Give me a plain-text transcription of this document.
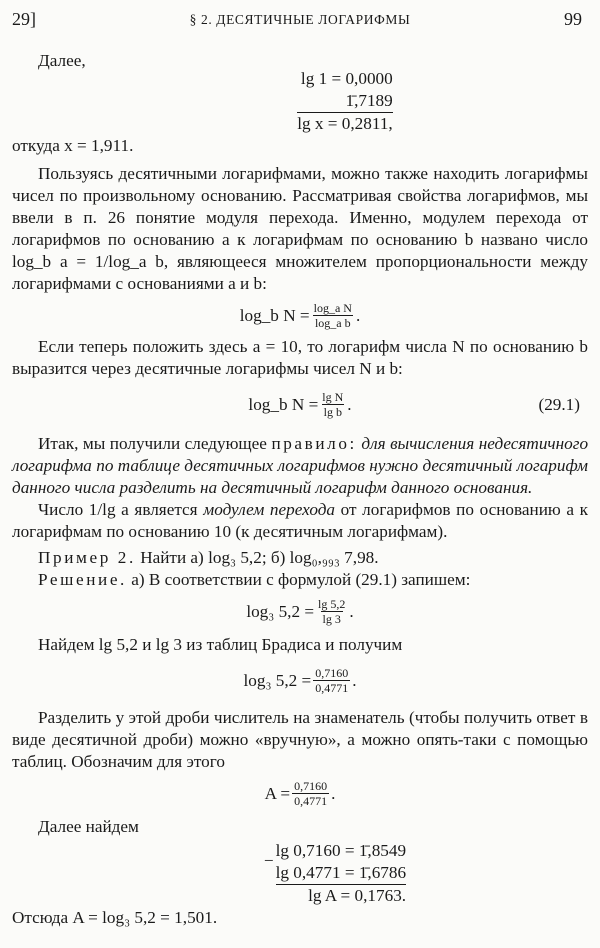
29]	§ 2. ДЕСЯТИЧНЫЕ ЛОГАРИФМЫ	99

Далее,

lg 1 = 0,0000
1̄,7189
lg x = 0,2811,

откуда x = 1,911.

Пользуясь десятичными логарифмами, можно также находить логарифмы чисел по произвольному основанию. Рассматривая свойства логарифмов, мы ввели в п. 26 понятие модуля перехода. Именно, модулем перехода от логарифмов по основанию a к логарифмам по основанию b названо число log_b a = 1/log_a b, являющееся множителем пропорциональности между логарифмами с основаниями a и b:

log_b $N = \frac{\text{log\_a N}}{\text{log\_a b}}$ .

Если теперь положить здесь a = 10, то логарифм числа N по основанию b выразится через десятичные логарифмы чисел N и b:

log_b $N = \frac{\text{lg N}}{\text{lg b}}$ .	(29.1)

Итак, мы получили следующее правило: для вычисления недесятичного логарифма по таблице десятичных логарифмов нужно десятичный логарифм данного числа разделить на десятичный логарифм данного основания.

Число 1/lg a является модулем перехода от логарифмов по основанию a к логарифмам по основанию 10 (к десятичным логарифмам).

Пример 2. Найти а) log₃ 5,2; б) log₀,₉₉₃ 7,98.

Решение. а) В соответствии с формулой (29.1) запишем:

log₃ $5,2 = \frac{\lg 5,2}{\lg 3}$ .

Найдем lg 5,2 и lg 3 из таблиц Брадиса и получим

log₃ $5,2 = \frac{0,7160}{0,4771}$ .

Разделить у этой дроби числитель на знаменатель (чтобы получить ответ в виде десятичной дроби) можно «вручную», а можно опять-таки с помощью таблиц. Обозначим для этого

$A = \frac{0,7160}{0,4771}$ .

Далее найдем

−
lg 0,7160 = 1̄,8549
lg 0,4771 = 1̄,6786
lg A = 0,1763.

Отсюда A = log₃ 5,2 = 1,501.
